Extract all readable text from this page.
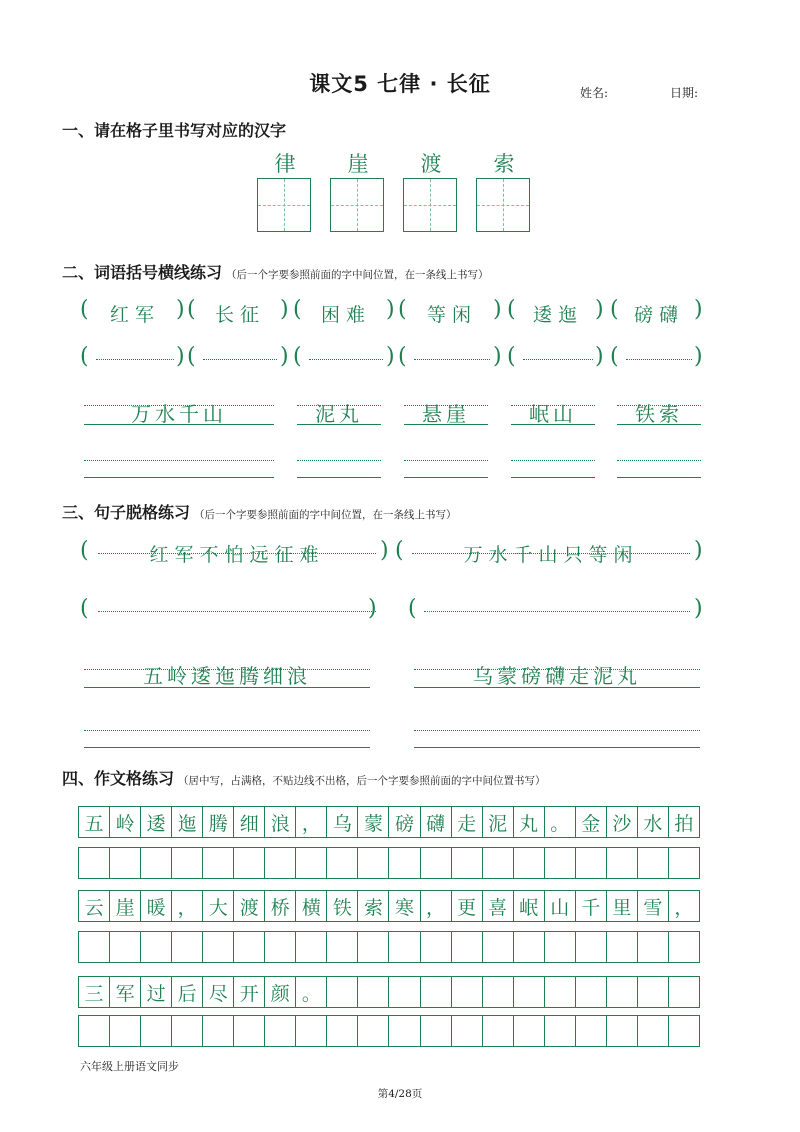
课文5 七律 · 长征	姓名:	日期:
一、请在格子里书写对应的汉字
律	崖	渡	索
二、词语括号横线练习 （后一个字要参照前面的字中间位置，在一条线上书写）
(	红军 ) (	长征 ) (	困难 ) (	等闲 ) ( 逶迤 ) ( 磅礴 )
(	) (	) (	) (	) (	) (	)
万水千山	泥丸	悬崖	岷山	铁索
三、句子脱格练习 （后一个字要参照前面的字中间位置，在一条线上书写）
(	红军不怕远征难	) (	万水千山只等闲	)
(	) (	)
五岭逶迤腾细浪	乌蒙磅礴走泥丸
四、作文格练习 （居中写，占满格，不贴边线不出格，后一个字要参照前面的字中间位置书写）
五 岭 逶 迤 腾 细 浪 ， 乌 蒙 磅 礴 走 泥 丸 。 金 沙 水 拍
云 崖 暖 ， 大 渡 桥 横 铁 索 寒 ， 更 喜 岷 山 千 里 雪 ，
三 军 过 后 尽 开 颜 。
六年级上册语文同步
第4/28页
